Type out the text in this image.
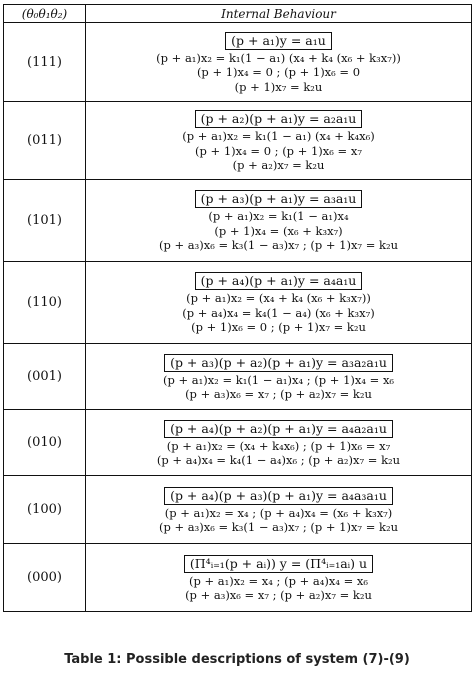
(θ₀θ₁θ₂)	Internal Behaviour
(111)	(p + a₁)y = a₁u
(p + a₁)x₂ = k₁(1 − a₁) (x₄ + k₄ (x₆ + k₃x₇))
(p + 1)x₄ = 0 ; (p + 1)x₆ = 0
(p + 1)x₇ = k₂u

(011)	(p + a₂)(p + a₁)y = a₂a₁u
(p + a₁)x₂ = k₁(1 − a₁) (x₄ + k₄x₆)
(p + 1)x₄ = 0 ; (p + 1)x₆ = x₇
(p + a₂)x₇ = k₂u

(101)	(p + a₃)(p + a₁)y = a₃a₁u
(p + a₁)x₂ = k₁(1 − a₁)x₄
(p + 1)x₄ = (x₆ + k₃x₇)
(p + a₃)x₆ = k₃(1 − a₃)x₇ ; (p + 1)x₇ = k₂u

(110)	(p + a₄)(p + a₁)y = a₄a₁u
(p + a₁)x₂ = (x₄ + k₄ (x₆ + k₃x₇))
(p + a₄)x₄ = k₄(1 − a₄) (x₆ + k₃x₇)
(p + 1)x₆ = 0 ; (p + 1)x₇ = k₂u

(001)	(p + a₃)(p + a₂)(p + a₁)y = a₃a₂a₁u
(p + a₁)x₂ = k₁(1 − a₁)x₄ ; (p + 1)x₄ = x₆
(p + a₃)x₆ = x₇ ; (p + a₂)x₇ = k₂u

(010)	(p + a₄)(p + a₂)(p + a₁)y = a₄a₂a₁u
(p + a₁)x₂ = (x₄ + k₄x₆) ; (p + 1)x₆ = x₇
(p + a₄)x₄ = k₄(1 − a₄)x₆ ; (p + a₂)x₇ = k₂u

(100)	(p + a₄)(p + a₃)(p + a₁)y = a₄a₃a₁u
(p + a₁)x₂ = x₄ ; (p + a₄)x₄ = (x₆ + k₃x₇)
(p + a₃)x₆ = k₃(1 − a₃)x₇ ; (p + 1)x₇ = k₂u

(000)	(Π⁴ᵢ₌₁(p + aᵢ)) y = (Π⁴ᵢ₌₁aᵢ) u
(p + a₁)x₂ = x₄ ; (p + a₄)x₄ = x₆
(p + a₃)x₆ = x₇ ; (p + a₂)x₇ = k₂u
Table 1: Possible descriptions of system (7)-(9)
